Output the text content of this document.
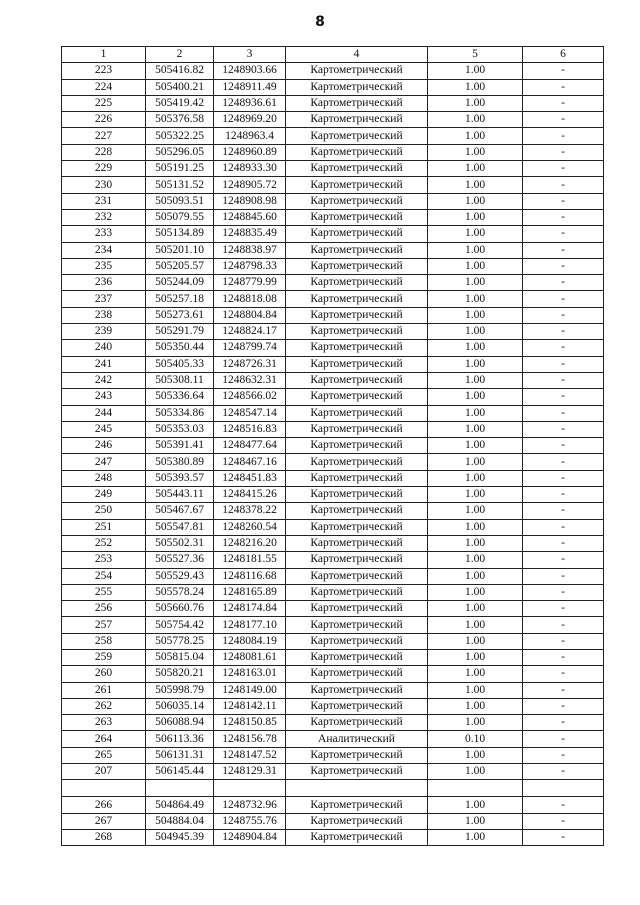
8
1	2	3	4	5	6
223	505416.82	1248903.66	Картометрический	1.00	-
224	505400.21	1248911.49	Картометрический	1.00	-
225	505419.42	1248936.61	Картометрический	1.00	-
226	505376.58	1248969.20	Картометрический	1.00	-
227	505322.25	1248963.4	Картометрический	1.00	-
228	505296.05	1248960.89	Картометрический	1.00	-
229	505191.25	1248933.30	Картометрический	1.00	-
230	505131.52	1248905.72	Картометрический	1.00	-
231	505093.51	1248908.98	Картометрический	1.00	-
232	505079.55	1248845.60	Картометрический	1.00	-
233	505134.89	1248835.49	Картометрический	1.00	-
234	505201.10	1248838.97	Картометрический	1.00	-
235	505205.57	1248798.33	Картометрический	1.00	-
236	505244.09	1248779.99	Картометрический	1.00	-
237	505257.18	1248818.08	Картометрический	1.00	-
238	505273.61	1248804.84	Картометрический	1.00	-
239	505291.79	1248824.17	Картометрический	1.00	-
240	505350.44	1248799.74	Картометрический	1.00	-
241	505405.33	1248726.31	Картометрический	1.00	-
242	505308.11	1248632.31	Картометрический	1.00	-
243	505336.64	1248566.02	Картометрический	1.00	-
244	505334.86	1248547.14	Картометрический	1.00	-
245	505353.03	1248516.83	Картометрический	1.00	-
246	505391.41	1248477.64	Картометрический	1.00	-
247	505380.89	1248467.16	Картометрический	1.00	-
248	505393.57	1248451.83	Картометрический	1.00	-
249	505443.11	1248415.26	Картометрический	1.00	-
250	505467.67	1248378.22	Картометрический	1.00	-
251	505547.81	1248260.54	Картометрический	1.00	-
252	505502.31	1248216.20	Картометрический	1.00	-
253	505527.36	1248181.55	Картометрический	1.00	-
254	505529.43	1248116.68	Картометрический	1.00	-
255	505578.24	1248165.89	Картометрический	1.00	-
256	505660.76	1248174.84	Картометрический	1.00	-
257	505754.42	1248177.10	Картометрический	1.00	-
258	505778.25	1248084.19	Картометрический	1.00	-
259	505815.04	1248081.61	Картометрический	1.00	-
260	505820.21	1248163.01	Картометрический	1.00	-
261	505998.79	1248149.00	Картометрический	1.00	-
262	506035.14	1248142.11	Картометрический	1.00	-
263	506088.94	1248150.85	Картометрический	1.00	-
264	506113.36	1248156.78	Аналитический	0.10	-
265	506131.31	1248147.52	Картометрический	1.00	-
207	506145.44	1248129.31	Картометрический	1.00	-

266	504864.49	1248732.96	Картометрический	1.00	-
267	504884.04	1248755.76	Картометрический	1.00	-
268	504945.39	1248904.84	Картометрический	1.00	-
